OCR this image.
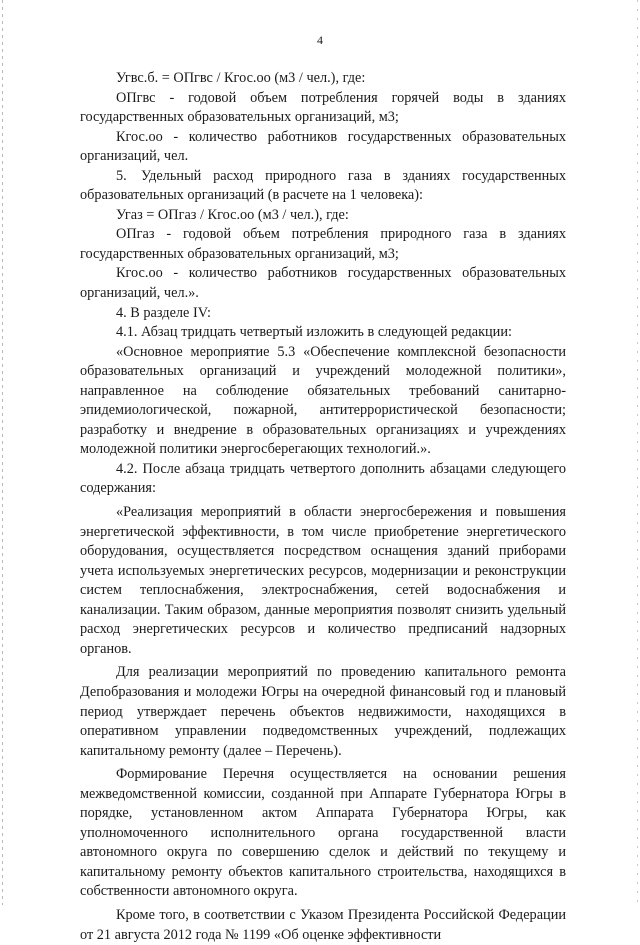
4

Угвс.б. = ОПгвс / Кгос.оо (м3 / чел.), где:

ОПгвс - годовой объем потребления горячей воды в зданиях государственных образовательных организаций, м3;

Кгос.оо - количество работников государственных образовательных организаций, чел.

5. Удельный расход природного газа в зданиях государственных образовательных организаций (в расчете на 1 человека):

Угаз = ОПгаз / Кгос.оо (м3 / чел.), где:

ОПгаз - годовой объем потребления природного газа в зданиях государственных образовательных организаций, м3;

Кгос.оо - количество работников государственных образовательных организаций, чел.».

4. В разделе IV:

4.1. Абзац тридцать четвертый изложить в следующей редакции:

«Основное мероприятие 5.3 «Обеспечение комплексной безопасности образовательных организаций и учреждений молодежной политики», направленное на соблюдение обязательных требований санитарно-эпидемиологической, пожарной, антитеррористической безопасности; разработку и внедрение в образовательных организациях и учреждениях молодежной политики энергосберегающих технологий.».

4.2. После абзаца тридцать четвертого дополнить абзацами следующего содержания:

«Реализация мероприятий в области энергосбережения и повышения энергетической эффективности, в том числе приобретение энергетического оборудования, осуществляется посредством оснащения зданий приборами учета используемых энергетических ресурсов, модернизации и реконструкции систем теплоснабжения, электроснабжения, сетей водоснабжения и канализации. Таким образом, данные мероприятия позволят снизить удельный расход энергетических ресурсов и количество предписаний надзорных органов.

Для реализации мероприятий по проведению капитального ремонта Депобразования и молодежи Югры на очередной финансовый год и плановый период утверждает перечень объектов недвижимости, находящихся в оперативном управлении подведомственных учреждений, подлежащих капитальному ремонту (далее – Перечень).

Формирование Перечня осуществляется на основании решения межведомственной комиссии, созданной при Аппарате Губернатора Югры в порядке, установленном актом Аппарата Губернатора Югры, как уполномоченного исполнительного органа государственной власти автономного округа по совершению сделок и действий по текущему и капитальному ремонту объектов капитального строительства, находящихся в собственности автономного округа.

Кроме того, в соответствии с Указом Президента Российской Федерации от 21 августа 2012 года № 1199 «Об оценке эффективности
